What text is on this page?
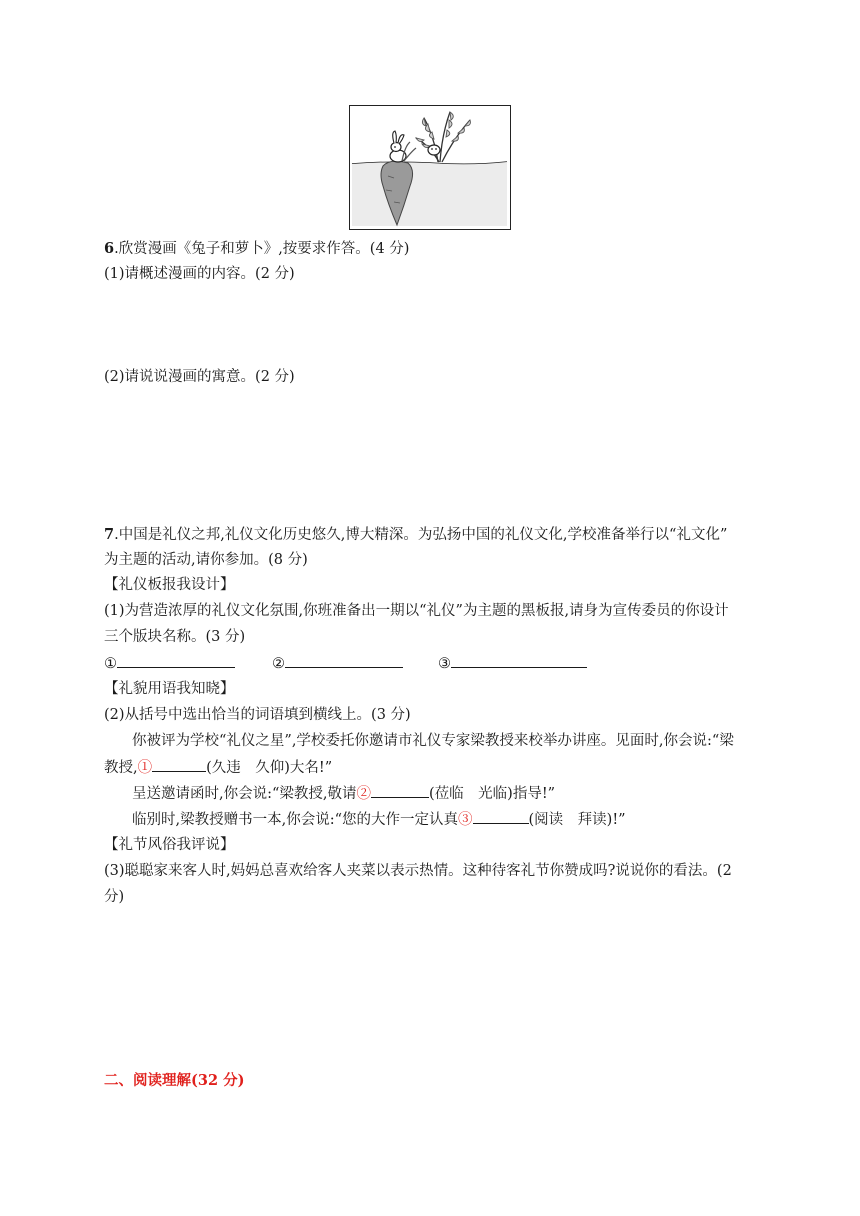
6.欣赏漫画《兔子和萝卜》,按要求作答。(4 分)
(1)请概述漫画的内容。(2 分)
(2)请说说漫画的寓意。(2 分)
7.中国是礼仪之邦,礼仪文化历史悠久,博大精深。为弘扬中国的礼仪文化,学校准备举行以“礼文化”
为主题的活动,请你参加。(8 分)
【礼仪板报我设计】
(1)为营造浓厚的礼仪文化氛围,你班准备出一期以“礼仪”为主题的黑板报,请身为宣传委员的你设计
三个版块名称。(3 分)
①	②	③
【礼貌用语我知晓】
(2)从括号中选出恰当的词语填到横线上。(3 分)
你被评为学校“礼仪之星”,学校委托你邀请市礼仪专家梁教授来校举办讲座。见面时,你会说:“梁
教授,①	(久违　久仰)大名!”
呈送邀请函时,你会说:“梁教授,敬请②	(莅临　光临)指导!”
临别时,梁教授赠书一本,你会说:“您的大作一定认真③	(阅读　拜读)!”
【礼节风俗我评说】
(3)聪聪家来客人时,妈妈总喜欢给客人夹菜以表示热情。这种待客礼节你赞成吗?说说你的看法。(2
分)
二、阅读理解(32 分)
